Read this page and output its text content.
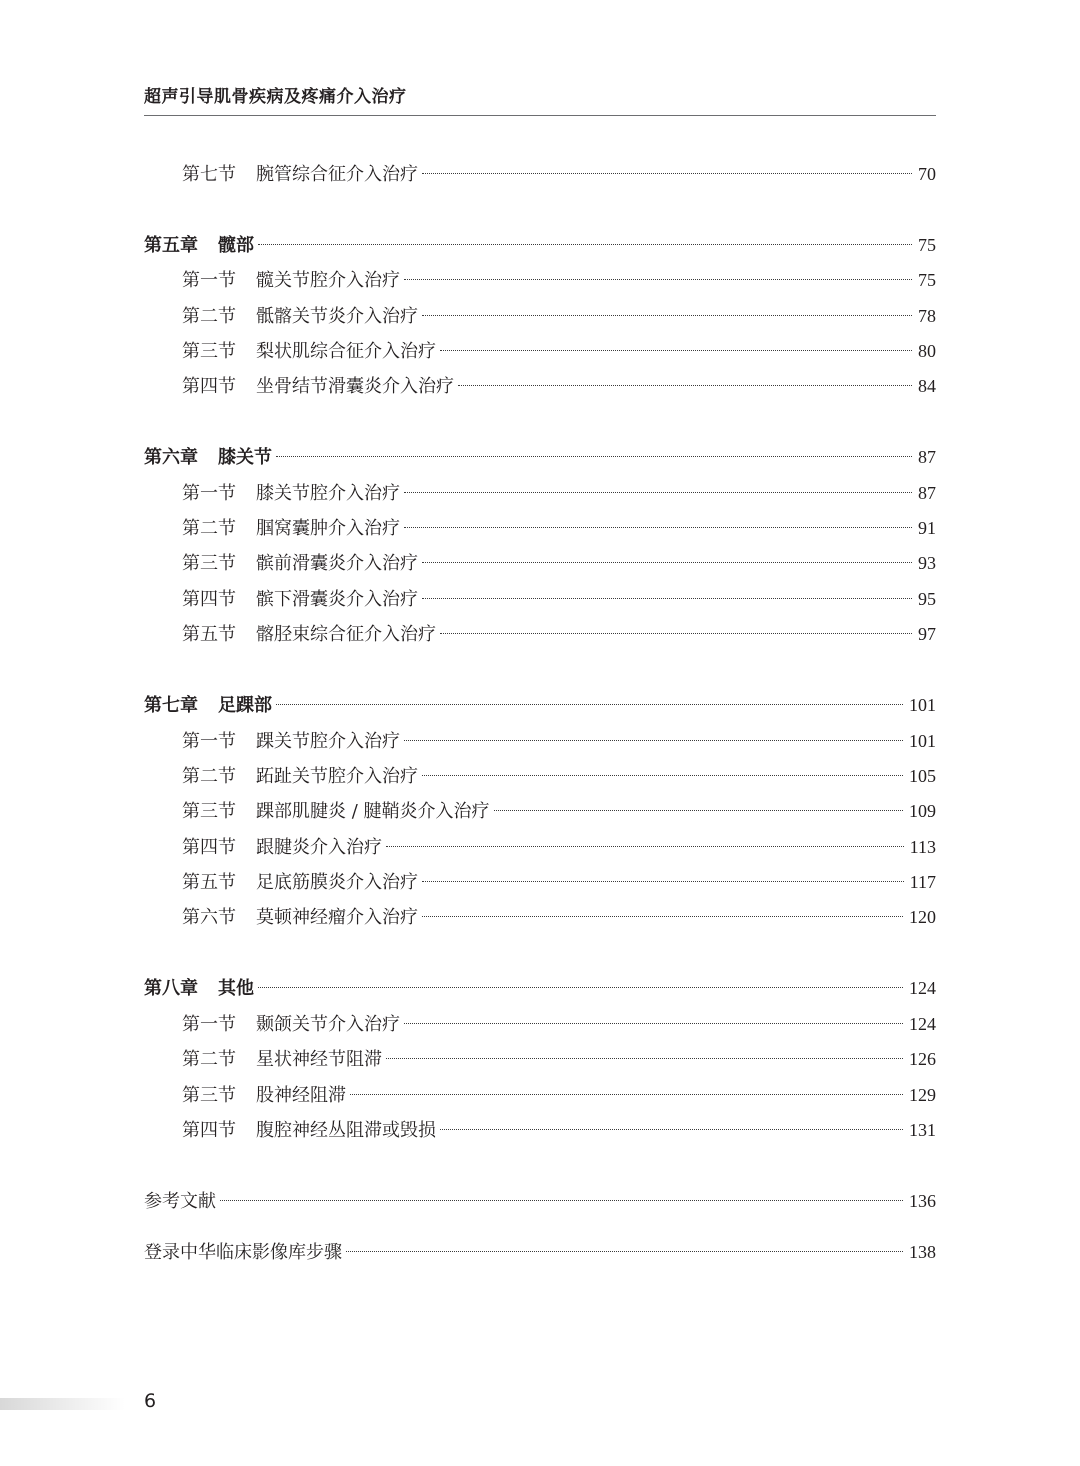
超声引导肌骨疾病及疼痛介入治疗
第七节 腕管综合征介入治疗	70
第五章 髋部	75
第一节 髋关节腔介入治疗	75
第二节 骶髂关节炎介入治疗	78
第三节 梨状肌综合征介入治疗	80
第四节 坐骨结节滑囊炎介入治疗	84
第六章 膝关节	87
第一节 膝关节腔介入治疗	87
第二节 腘窝囊肿介入治疗	91
第三节 髌前滑囊炎介入治疗	93
第四节 髌下滑囊炎介入治疗	95
第五节 髂胫束综合征介入治疗	97
第七章 足踝部	101
第一节 踝关节腔介入治疗	101
第二节 跖趾关节腔介入治疗	105
第三节 踝部肌腱炎 / 腱鞘炎介入治疗	109
第四节 跟腱炎介入治疗	113
第五节 足底筋膜炎介入治疗	117
第六节 莫顿神经瘤介入治疗	120
第八章 其他	124
第一节 颞颌关节介入治疗	124
第二节 星状神经节阻滞	126
第三节 股神经阻滞	129
第四节 腹腔神经丛阻滞或毁损	131
参考文献	136
登录中华临床影像库步骤	138
6
